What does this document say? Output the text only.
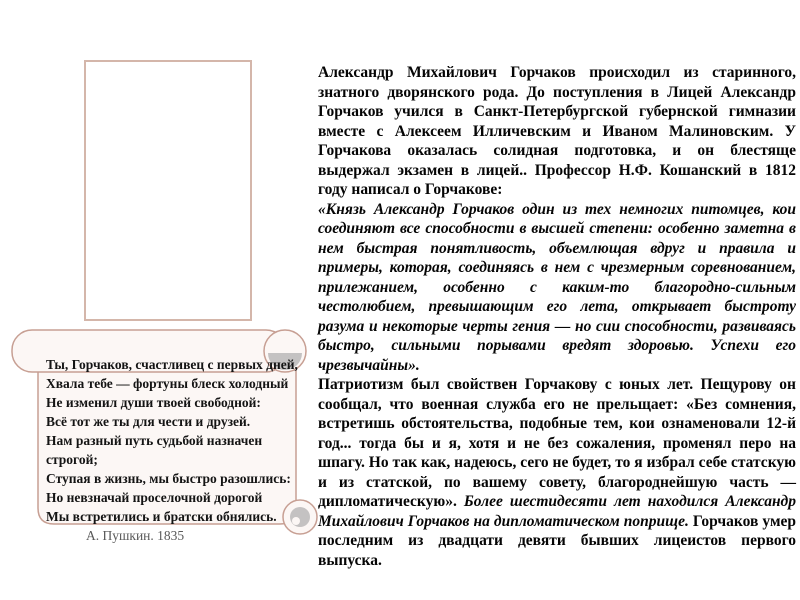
Ты, Горчаков, счастливец с первых дней,
Хвала тебе — фортуны блеск холодный
Не изменил души твоей свободной:
Всё тот же ты для чести и друзей.
Нам разный путь судьбой назначен строгой;
Ступая в жизнь, мы быстро разошлись:
Но невзначай проселочной дорогой
Мы встретились и братски обнялись.
А. Пушкин. 1835

Александр Михайлович Горчаков происходил из старинного, знатного дворянского рода. До поступления в Лицей Александр Горчаков учился в Санкт-Петербургской губернской гимназии вместе с Алексеем Илличевским и Иваном Малиновским. У Горчакова оказалась солидная подготовка, и он блестяще выдержал экзамен в лицей.. Профессор Н.Ф. Кошанский в 1812 году написал о Горчакове:

«Князь Александр Горчаков один из тех немногих питомцев, кои соединяют все способности в высшей степени: особенно заметна в нем быстрая понятливость, объемлющая вдруг и правила и примеры, которая, соединяясь в нем с чрезмерным соревнованием, прилежанием, особенно с каким-то благородно-сильным честолюбием, превышающим его лета, открывает быстроту разума и некоторые черты гения — но сии способности, развиваясь быстро, сильными порывами вредят здоровью. Успехи его чрезвычайны».

Патриотизм был свойствен Горчакову с юных лет. Пещурову он сообщал, что военная служба его не прельщает: «Без сомнения, встретишь обстоятельства, подобные тем, кои ознаменовали 12-й год... тогда бы и я, хотя и не без сожаления, променял перо на шпагу. Но так как, надеюсь, сего не будет, то я избрал себе статскую и из статской, по вашему совету, благороднейшую часть — дипломатическую». Более шестидесяти лет находился Александр Михайлович Горчаков на дипломатическом поприще. Горчаков умер последним из двадцати девяти бывших лицеистов первого выпуска.
